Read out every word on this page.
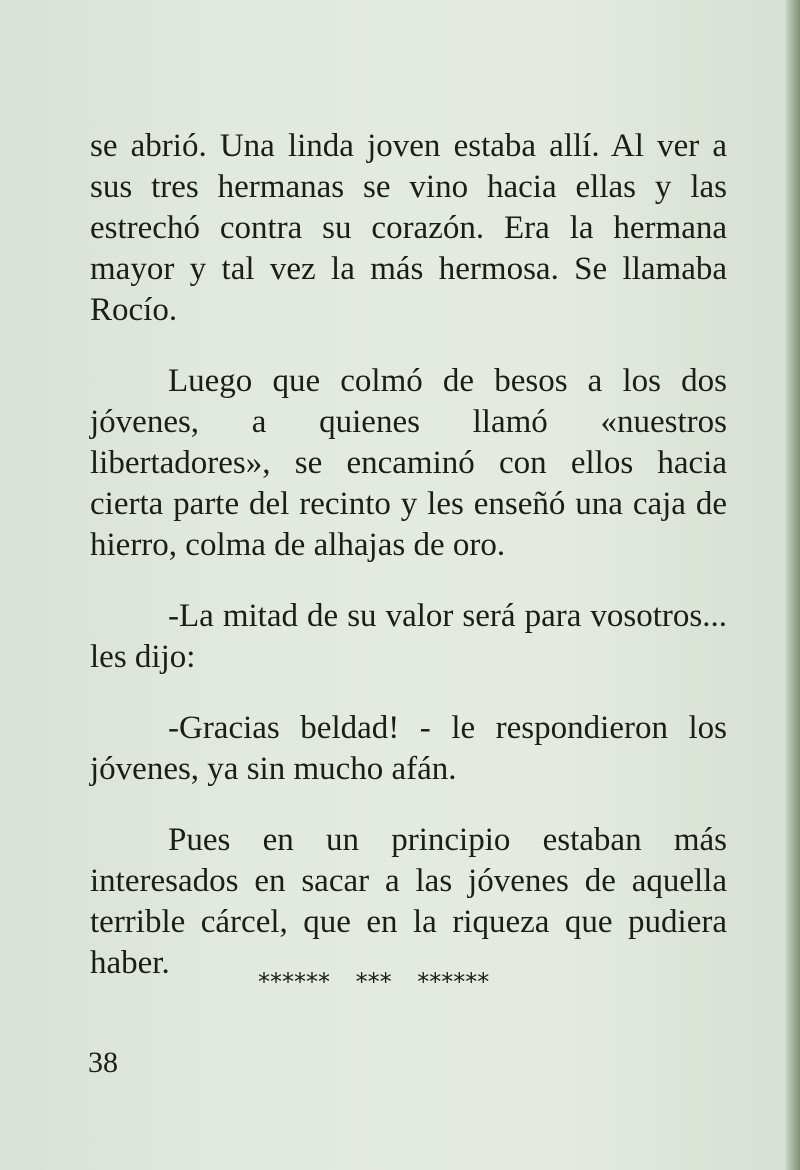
se abrió. Una linda joven estaba allí. Al ver a sus tres hermanas se vino hacia ellas y las estrechó contra su corazón. Era la hermana mayor y tal vez la más hermosa. Se llamaba Rocío.

Luego que colmó de besos a los dos jóvenes, a quienes llamó «nuestros libertadores», se encaminó con ellos hacia cierta parte del recinto y les enseñó una caja de hierro, colma de alhajas de oro.

-La mitad de su valor será para vosotros... les dijo:

-Gracias beldad! - le respondieron los jóvenes, ya sin mucho afán.

Pues en un principio estaban más interesados en sacar a las jóvenes de aquella terrible cárcel, que en la riqueza que pudiera haber.

****** *** ******
38
